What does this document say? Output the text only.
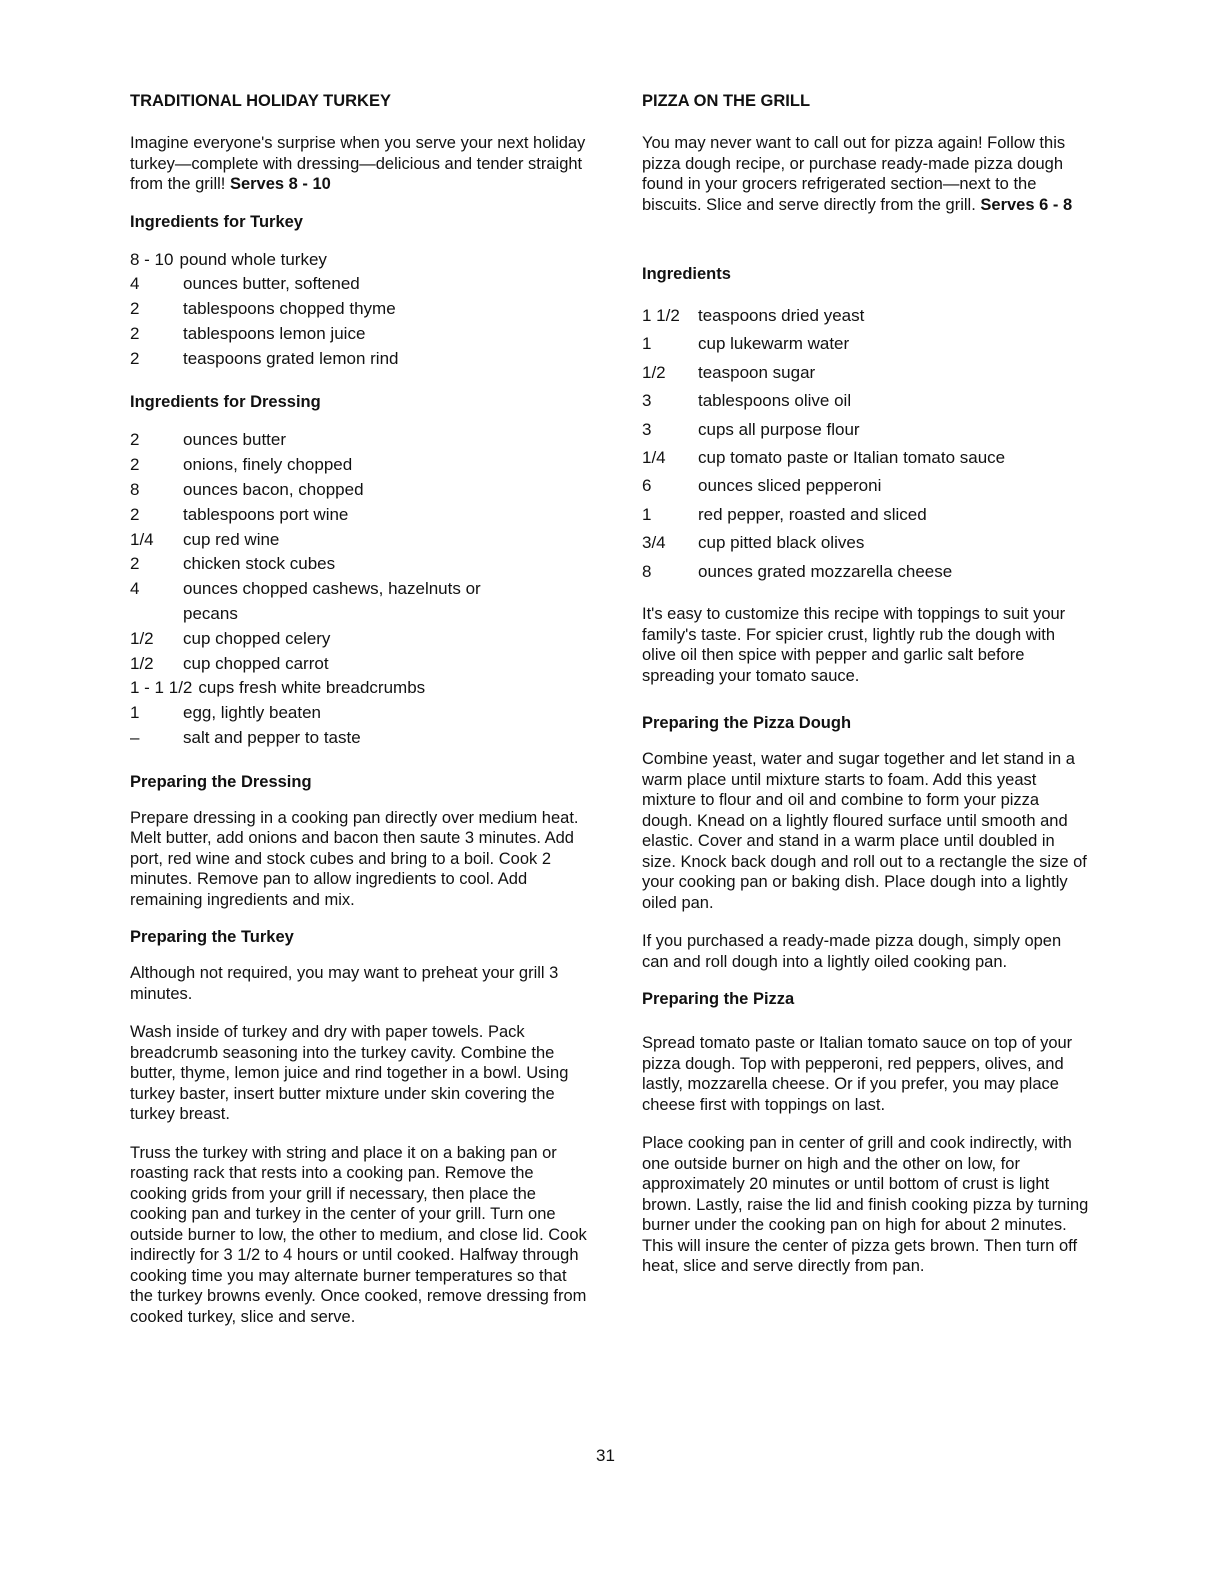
TRADITIONAL HOLIDAY TURKEY

Imagine everyone's surprise when you serve your next holiday turkey—complete with dressing—delicious and tender straight from the grill! Serves 8 - 10

Ingredients for Turkey
8 - 10 pound whole turkey
4	ounces butter, softened
2	tablespoons chopped thyme
2	tablespoons lemon juice
2	teaspoons grated lemon rind
Ingredients for Dressing
2	ounces butter
2	onions, finely chopped
8	ounces bacon, chopped
2	tablespoons port wine
1/4	cup red wine
2	chicken stock cubes
4	ounces chopped cashews, hazelnuts or
pecans
1/2	cup chopped celery
1/2	cup chopped carrot
1 - 1 1/2 cups fresh white breadcrumbs
1	egg, lightly beaten
–	salt and pepper to taste
Preparing the Dressing

Prepare dressing in a cooking pan directly over medium heat. Melt butter, add onions and bacon then saute 3 minutes. Add port, red wine and stock cubes and bring to a boil. Cook 2 minutes. Remove pan to allow ingredients to cool. Add remaining ingredients and mix.

Preparing the Turkey

Although not required, you may want to preheat your grill 3 minutes.

Wash inside of turkey and dry with paper towels. Pack breadcrumb seasoning into the turkey cavity. Combine the butter, thyme, lemon juice and rind together in a bowl. Using turkey baster, insert butter mixture under skin covering the turkey breast.

Truss the turkey with string and place it on a baking pan or roasting rack that rests into a cooking pan. Remove the cooking grids from your grill if necessary, then place the cooking pan and turkey in the center of your grill. Turn one outside burner to low, the other to medium, and close lid. Cook indirectly for 3 1/2 to 4 hours or until cooked. Halfway through cooking time you may alternate burner temperatures so that the turkey browns evenly. Once cooked, remove dressing from cooked turkey, slice and serve.

PIZZA ON THE GRILL

You may never want to call out for pizza again! Follow this pizza dough recipe, or purchase ready-made pizza dough found in your grocers refrigerated section—next to the biscuits. Slice and serve directly from the grill. Serves 6 - 8

Ingredients
1 1/2	teaspoons dried yeast
1	cup lukewarm water
1/2	teaspoon sugar
3	tablespoons olive oil
3	cups all purpose flour
1/4	cup tomato paste or Italian tomato sauce
6	ounces sliced pepperoni
1	red pepper, roasted and sliced
3/4	cup pitted black olives
8	ounces grated mozzarella cheese

It's easy to customize this recipe with toppings to suit your family's taste. For spicier crust, lightly rub the dough with olive oil then spice with pepper and garlic salt before spreading your tomato sauce.

Preparing the Pizza Dough

Combine yeast, water and sugar together and let stand in a warm place until mixture starts to foam. Add this yeast mixture to flour and oil and combine to form your pizza dough. Knead on a lightly floured surface until smooth and elastic. Cover and stand in a warm place until doubled in size. Knock back dough and roll out to a rectangle the size of your cooking pan or baking dish. Place dough into a lightly oiled pan.

If you purchased a ready-made pizza dough, simply open can and roll dough into a lightly oiled cooking pan.

Preparing the Pizza

Spread tomato paste or Italian tomato sauce on top of your pizza dough. Top with pepperoni, red peppers, olives, and lastly, mozzarella cheese. Or if you prefer, you may place cheese first with toppings on last.

Place cooking pan in center of grill and cook indirectly, with one outside burner on high and the other on low, for approximately 20 minutes or until bottom of crust is light brown. Lastly, raise the lid and finish cooking pizza by turning burner under the cooking pan on high for about 2 minutes. This will insure the center of pizza gets brown. Then turn off heat, slice and serve directly from pan.

31
